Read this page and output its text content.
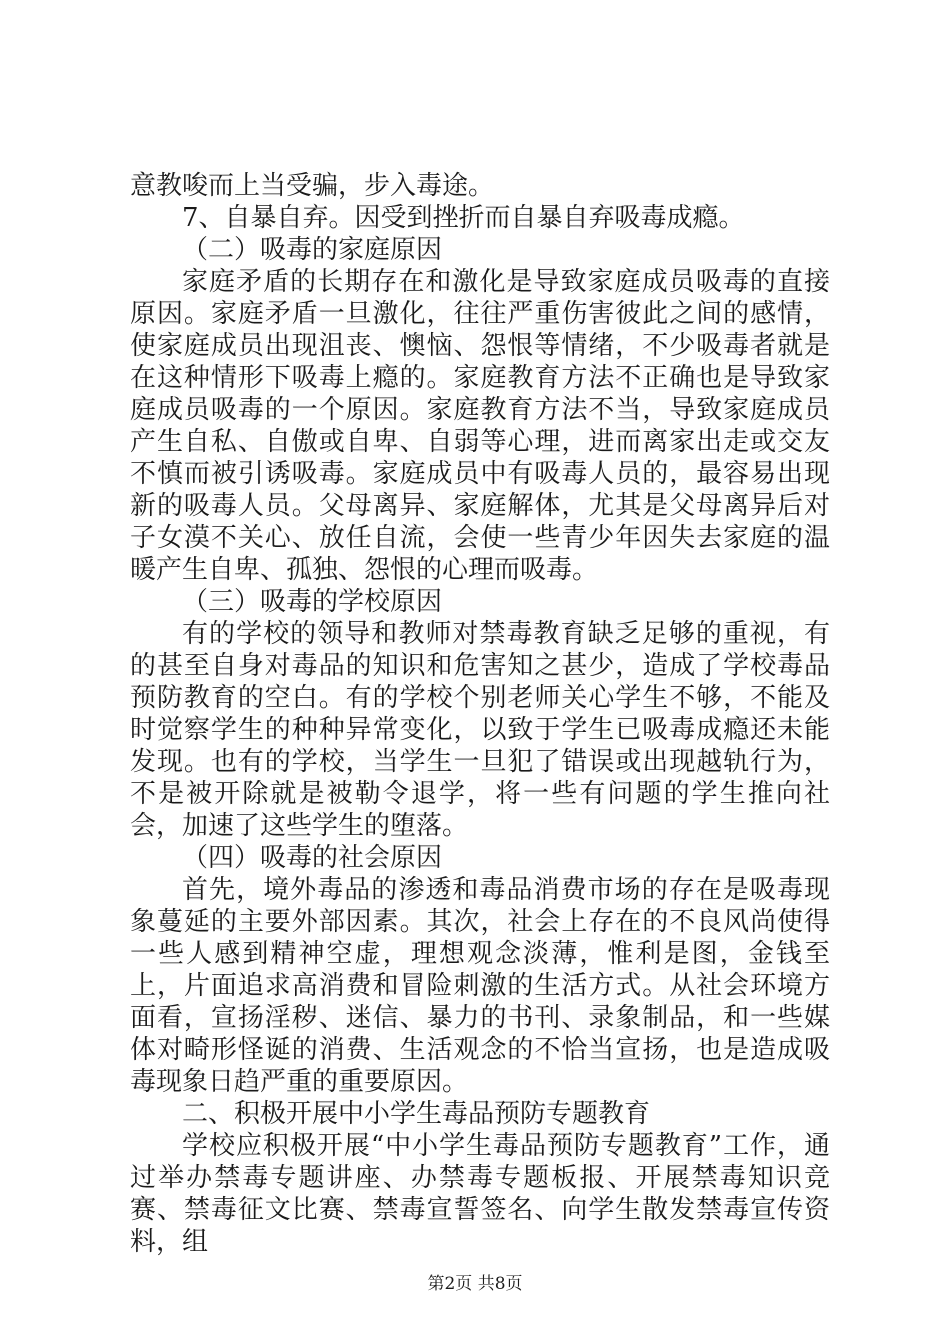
意教唆而上当受骗，步入毒途。

7、自暴自弃。因受到挫折而自暴自弃吸毒成瘾。

（二）吸毒的家庭原因

家庭矛盾的长期存在和激化是导致家庭成员吸毒的直接原因。家庭矛盾一旦激化，往往严重伤害彼此之间的感情，使家庭成员出现沮丧、懊恼、怨恨等情绪，不少吸毒者就是在这种情形下吸毒上瘾的。家庭教育方法不正确也是导致家庭成员吸毒的一个原因。家庭教育方法不当，导致家庭成员产生自私、自傲或自卑、自弱等心理，进而离家出走或交友不慎而被引诱吸毒。家庭成员中有吸毒人员的，最容易出现新的吸毒人员。父母离异、家庭解体，尤其是父母离异后对子女漠不关心、放任自流，会使一些青少年因失去家庭的温暖产生自卑、孤独、怨恨的心理而吸毒。

（三）吸毒的学校原因

有的学校的领导和教师对禁毒教育缺乏足够的重视，有的甚至自身对毒品的知识和危害知之甚少，造成了学校毒品预防教育的空白。有的学校个别老师关心学生不够，不能及时觉察学生的种种异常变化，以致于学生已吸毒成瘾还未能发现。也有的学校，当学生一旦犯了错误或出现越轨行为，不是被开除就是被勒令退学，将一些有问题的学生推向社会，加速了这些学生的堕落。

（四）吸毒的社会原因

首先，境外毒品的渗透和毒品消费市场的存在是吸毒现象蔓延的主要外部因素。其次，社会上存在的不良风尚使得一些人感到精神空虚，理想观念淡薄，惟利是图，金钱至上，片面追求高消费和冒险刺激的生活方式。从社会环境方面看，宣扬淫秽、迷信、暴力的书刊、录象制品，和一些媒体对畸形怪诞的消费、生活观念的不恰当宣扬，也是造成吸毒现象日趋严重的重要原因。

二、积极开展中小学生毒品预防专题教育

学校应积极开展“中小学生毒品预防专题教育”工作，通过举办禁毒专题讲座、办禁毒专题板报、开展禁毒知识竞赛、禁毒征文比赛、禁毒宣誓签名、向学生散发禁毒宣传资料，组

第2页 共8页
